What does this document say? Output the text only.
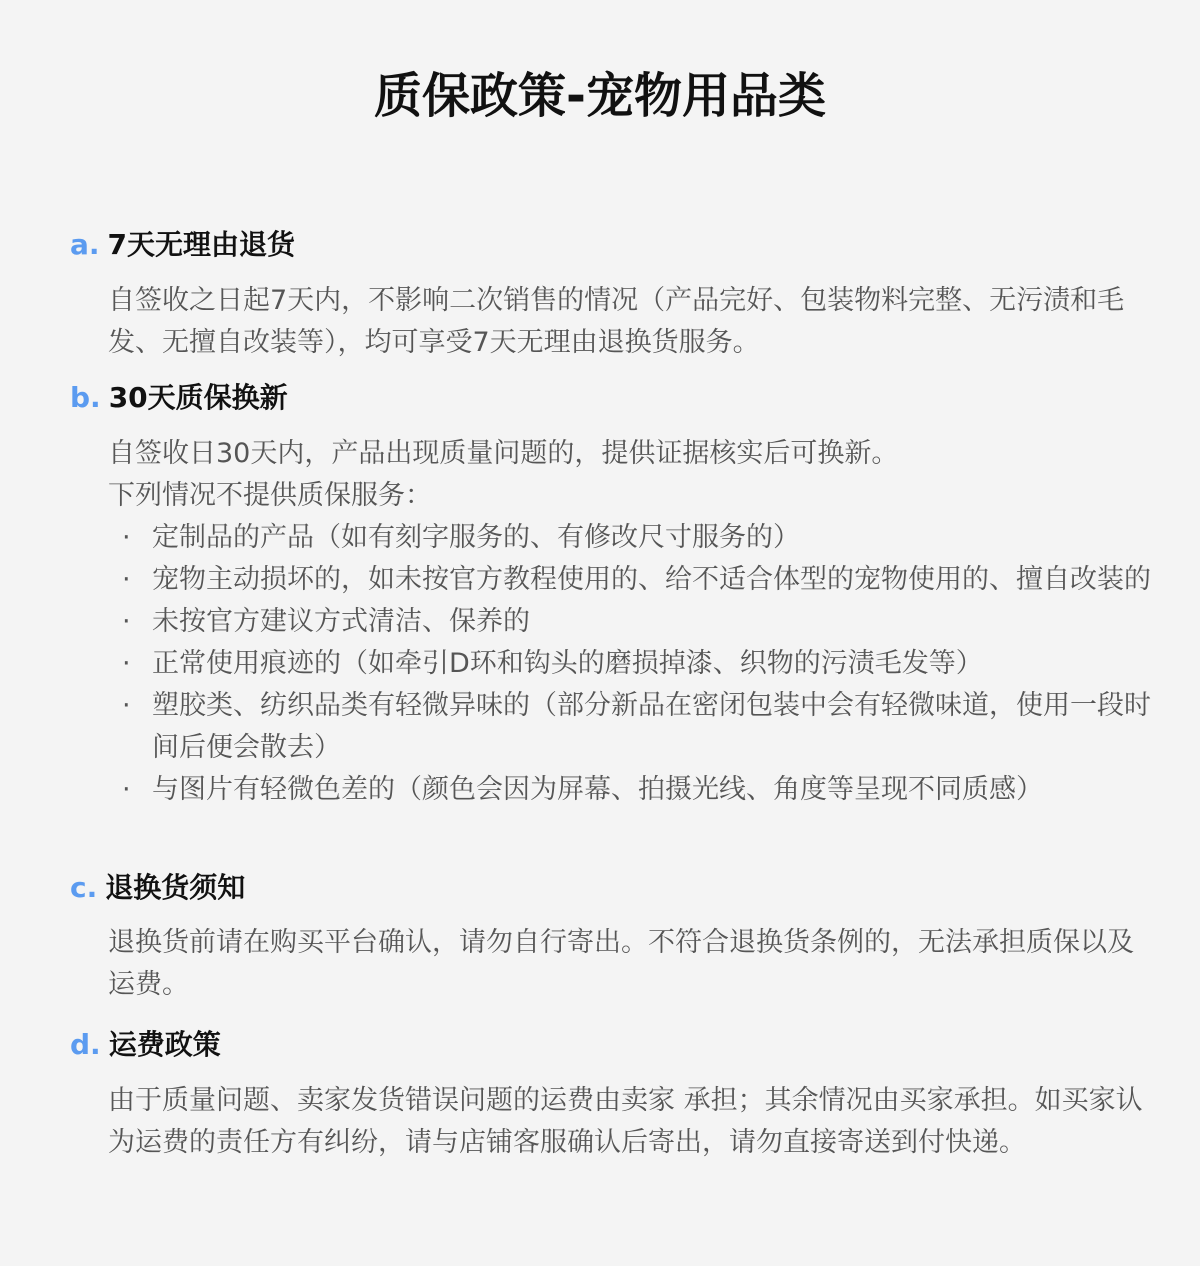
质保政策-宠物用品类
a. 7天无理由退货

自签收之日起7天内，不影响二次销售的情况（产品完好、包装物料完整、无污渍和毛发、无擅自改装等），均可享受7天无理由退换货服务。

b. 30天质保换新

自签收日30天内，产品出现质量问题的，提供证据核实后可换新。

下列情况不提供质保服务：

· 定制品的产品（如有刻字服务的、有修改尺寸服务的）
· 宠物主动损坏的，如未按官方教程使用的、给不适合体型的宠物使用的、擅自改装的
· 未按官方建议方式清洁、保养的
· 正常使用痕迹的（如牵引D环和钩头的磨损掉漆、织物的污渍毛发等）
· 塑胶类、纺织品类有轻微异味的（部分新品在密闭包装中会有轻微味道，使用一段时间后便会散去）
· 与图片有轻微色差的（颜色会因为屏幕、拍摄光线、角度等呈现不同质感）
c. 退换货须知

退换货前请在购买平台确认，请勿自行寄出。不符合退换货条例的，无法承担质保以及运费。

d. 运费政策

由于质量问题、卖家发货错误问题的运费由卖家 承担；其余情况由买家承担。如买家认为运费的责任方有纠纷，请与店铺客服确认后寄出，请勿直接寄送到付快递。
